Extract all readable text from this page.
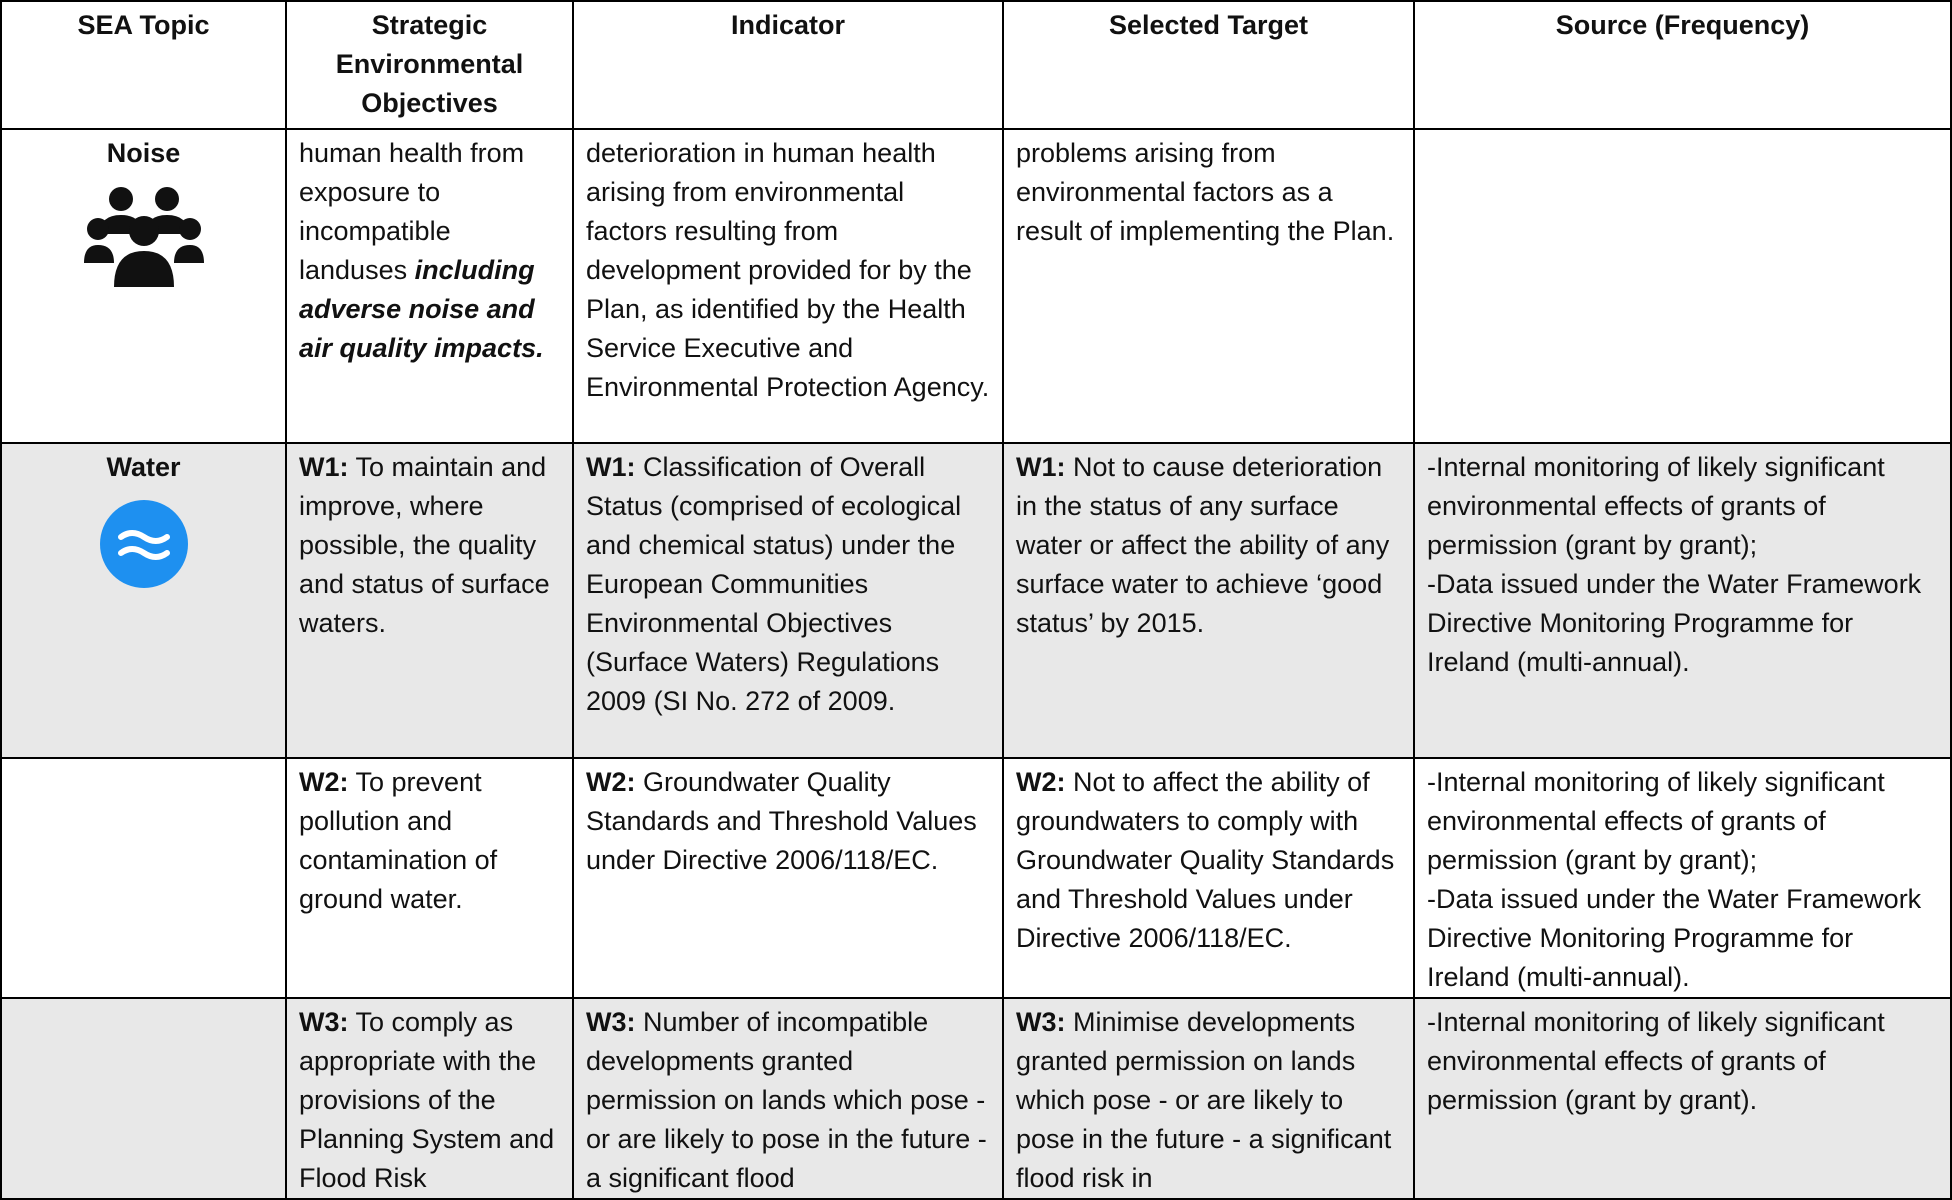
SEA Topic	Strategic Environmental Objectives	Indicator	Selected Target	Source (Frequency)
Noise	human health from exposure to incompatible landuses including adverse noise and air quality impacts.	deterioration in human health arising from environmental factors resulting from development provided for by the Plan, as identified by the Health Service Executive and Environmental Protection Agency.	problems arising from environmental factors as a result of implementing the Plan.	
Water	W1: To maintain and improve, where possible, the quality and status of surface waters.	W1: Classification of Overall Status (comprised of ecological and chemical status) under the European Communities Environmental Objectives (Surface Waters) Regulations 2009 (SI No. 272 of 2009.	W1: Not to cause deterioration in the status of any surface water or affect the ability of any surface water to achieve ‘good status’ by 2015.	-Internal monitoring of likely significant environmental effects of grants of permission (grant by grant);
-Data issued under the Water Framework Directive Monitoring Programme for Ireland (multi-annual).

	W2: To prevent pollution and contamination of ground water.	W2: Groundwater Quality Standards and Threshold Values under Directive 2006/118/EC.	W2: Not to affect the ability of groundwaters to comply with Groundwater Quality Standards and Threshold Values under Directive 2006/118/EC.	-Internal monitoring of likely significant environmental effects of grants of permission (grant by grant);
-Data issued under the Water Framework Directive Monitoring Programme for Ireland (multi-annual).

	W3: To comply as appropriate with the provisions of the Planning System and Flood Risk	W3: Number of incompatible developments granted permission on lands which pose - or are likely to pose in the future - a significant flood	W3: Minimise developments granted permission on lands which pose - or are likely to pose in the future - a significant flood risk in	-Internal monitoring of likely significant environmental effects of grants of permission (grant by grant).
